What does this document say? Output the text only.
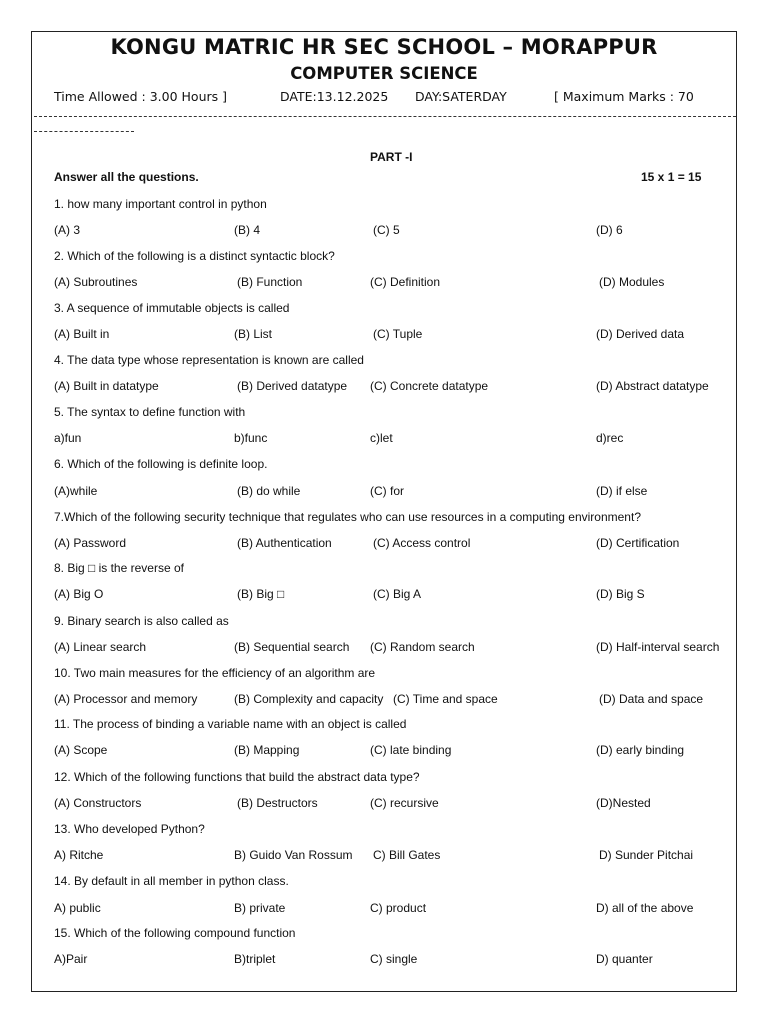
KONGU MATRIC HR SEC SCHOOL – MORAPPUR
COMPUTER SCIENCE
Time Allowed : 3.00 Hours ]	DATE:13.12.2025 DAY:SATERDAY	[ Maximum Marks : 70
PART -I
Answer all the questions.	15 x 1 = 15
1. how many important control in python
(A) 3	(B) 4	(C) 5	(D) 6
2. Which of the following is a distinct syntactic block?
(A) Subroutines	(B) Function	(C) Definition	(D) Modules
3. A sequence of immutable objects is called
(A) Built in	(B) List	(C) Tuple	(D) Derived data
4. The data type whose representation is known are called
(A) Built in datatype	(B) Derived datatype (C) Concrete datatype	(D) Abstract datatype
5. The syntax to define function with
a)fun	b)func	c)let	d)rec
6. Which of the following is definite loop.
(A)while	(B) do while	(C) for	(D) if else
7.Which of the following security technique that regulates who can use resources in a computing environment?
(A) Password	(B) Authentication	(C) Access control	(D) Certification
8. Big □ is the reverse of
(A) Big O	(B) Big □	(C) Big A	(D) Big S
9. Binary search is also called as
(A) Linear search	(B) Sequential search (C) Random search	(D) Half-interval search
10. Two main measures for the efficiency of an algorithm are
(A) Processor and memory	(B) Complexity and capacity (C) Time and space	(D) Data and space
11. The process of binding a variable name with an object is called
(A) Scope	(B) Mapping	(C) late binding	(D) early binding
12. Which of the following functions that build the abstract data type?
(A) Constructors	(B) Destructors	(C) recursive	(D)Nested
13. Who developed Python?
A) Ritche	B) Guido Van Rossum C) Bill Gates	D) Sunder Pitchai
14. By default in all member in python class.
A) public	B) private	C) product	D) all of the above
15. Which of the following compound function
A)Pair	B)triplet	C) single	D) quanter
